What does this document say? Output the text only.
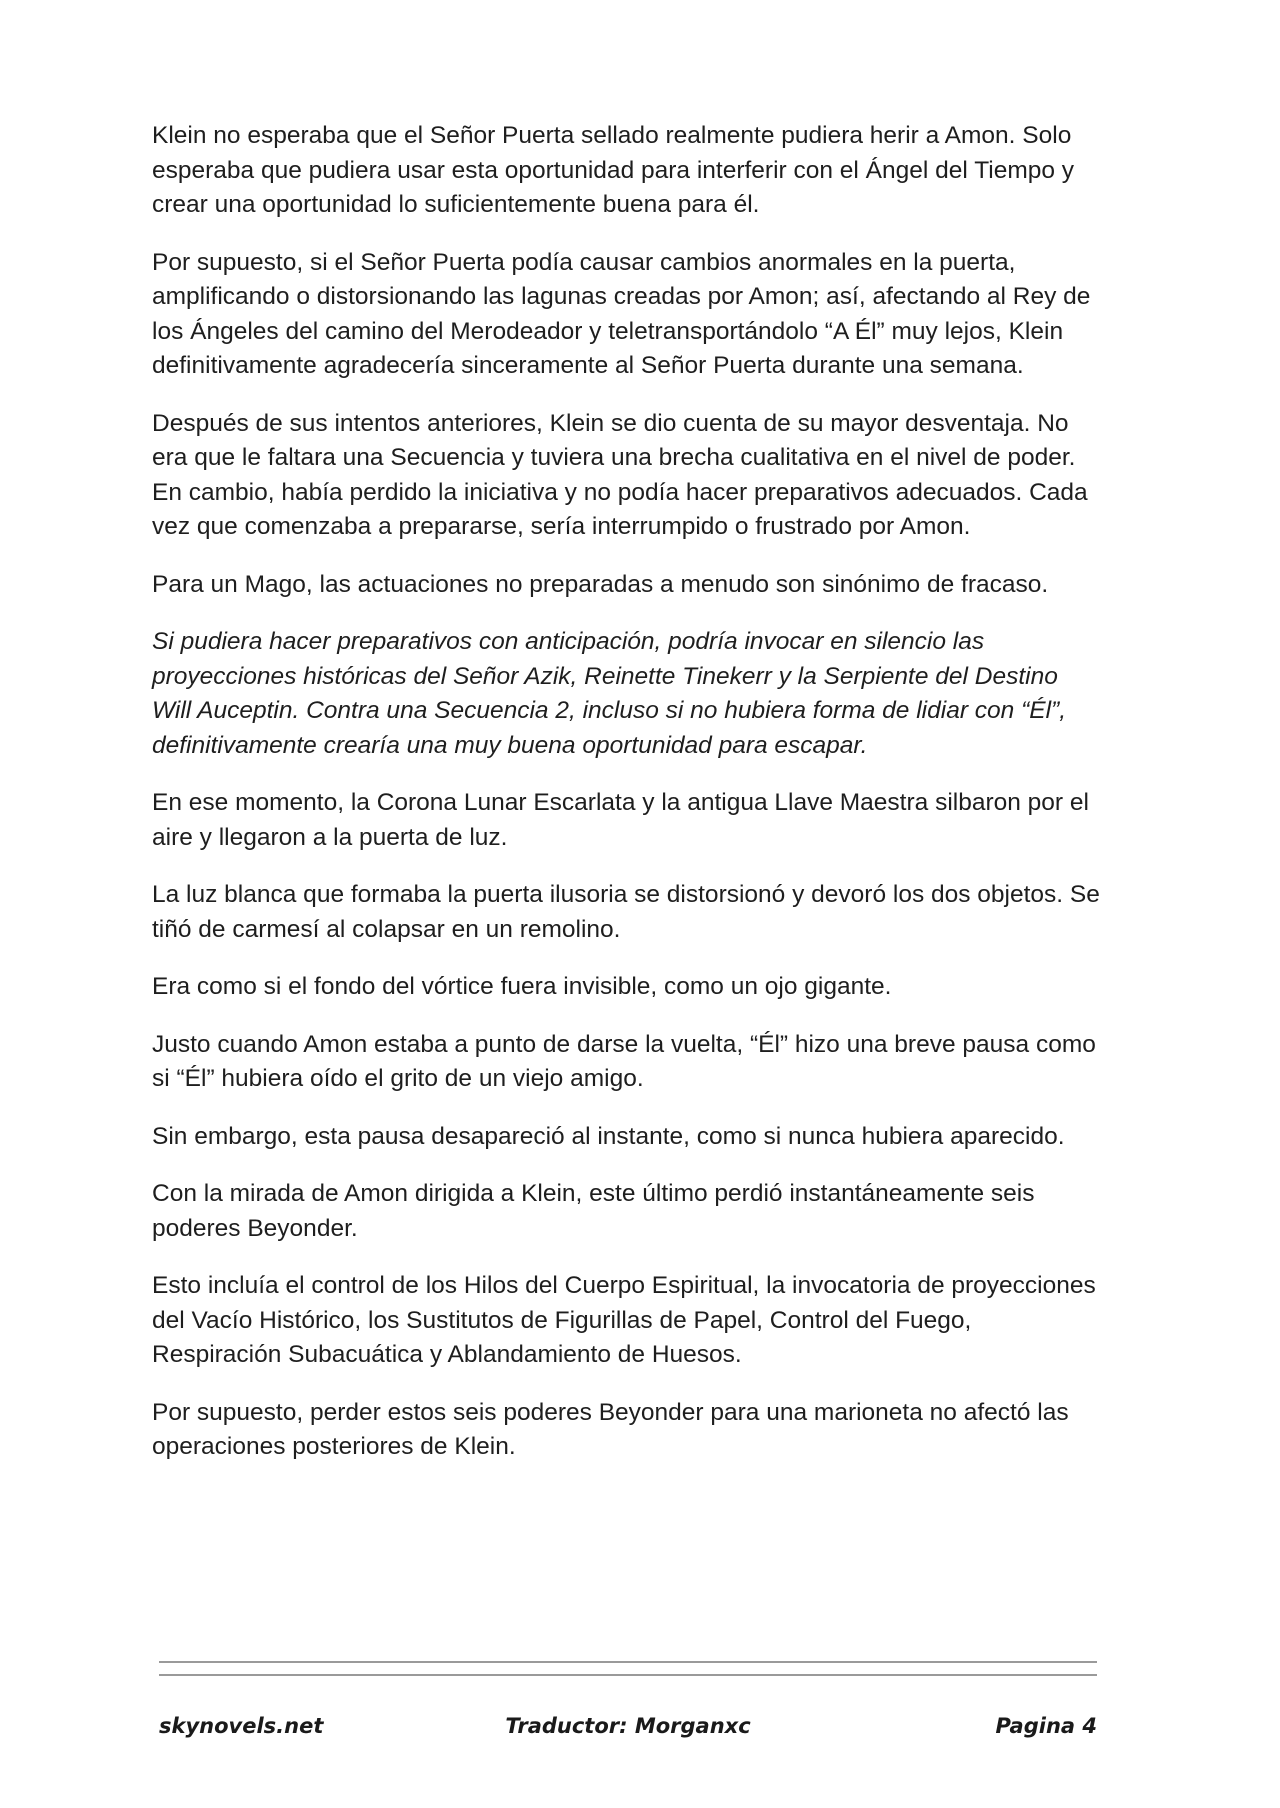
Klein no esperaba que el Señor Puerta sellado realmente pudiera herir a Amon. Solo esperaba que pudiera usar esta oportunidad para interferir con el Ángel del Tiempo y crear una oportunidad lo suficientemente buena para él.

Por supuesto, si el Señor Puerta podía causar cambios anormales en la puerta, amplificando o distorsionando las lagunas creadas por Amon; así, afectando al Rey de los Ángeles del camino del Merodeador y teletransportándolo “A Él” muy lejos, Klein definitivamente agradecería sinceramente al Señor Puerta durante una semana.

Después de sus intentos anteriores, Klein se dio cuenta de su mayor desventaja. No era que le faltara una Secuencia y tuviera una brecha cualitativa en el nivel de poder. En cambio, había perdido la iniciativa y no podía hacer preparativos adecuados. Cada vez que comenzaba a prepararse, sería interrumpido o frustrado por Amon.

Para un Mago, las actuaciones no preparadas a menudo son sinónimo de fracaso.

Si pudiera hacer preparativos con anticipación, podría invocar en silencio las proyecciones históricas del Señor Azik, Reinette Tinekerr y la Serpiente del Destino Will Auceptin. Contra una Secuencia 2, incluso si no hubiera forma de lidiar con “Él”, definitivamente crearía una muy buena oportunidad para escapar.

En ese momento, la Corona Lunar Escarlata y la antigua Llave Maestra silbaron por el aire y llegaron a la puerta de luz.

La luz blanca que formaba la puerta ilusoria se distorsionó y devoró los dos objetos. Se tiñó de carmesí al colapsar en un remolino.

Era como si el fondo del vórtice fuera invisible, como un ojo gigante.

Justo cuando Amon estaba a punto de darse la vuelta, “Él” hizo una breve pausa como si “Él” hubiera oído el grito de un viejo amigo.

Sin embargo, esta pausa desapareció al instante, como si nunca hubiera aparecido.

Con la mirada de Amon dirigida a Klein, este último perdió instantáneamente seis poderes Beyonder.

Esto incluía el control de los Hilos del Cuerpo Espiritual, la invocatoria de proyecciones del Vacío Histórico, los Sustitutos de Figurillas de Papel, Control del Fuego, Respiración Subacuática y Ablandamiento de Huesos.

Por supuesto, perder estos seis poderes Beyonder para una marioneta no afectó las operaciones posteriores de Klein.

skynovels.net	Traductor: Morganxc	Pagina 4
